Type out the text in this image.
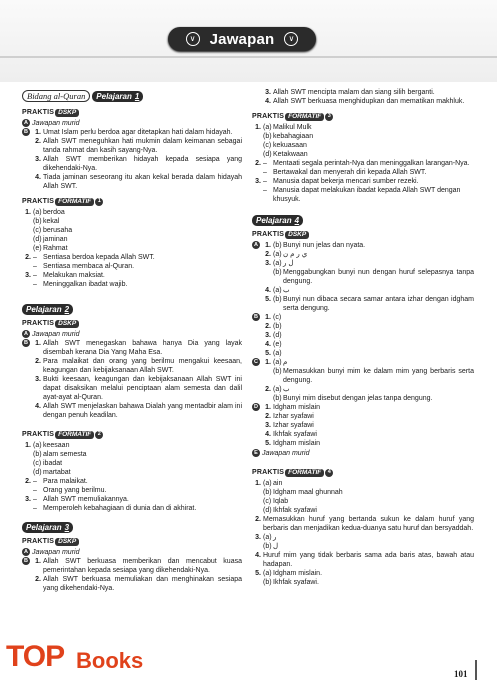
∨ Jawapan	∨
Bidang al-Quran	Pelajaran 1
PRAKTIS DSKP
A Jawapan murid
B	1. Umat Islam perlu berdoa agar ditetapkan hati dalam hidayah.
2. Allah SWT meneguhkan hati mukmin dalam keimanan sebagai tanda rahmat dan kasih sayang-Nya.
3. Allah SWT memberikan hidayah kepada sesiapa yang dikehendaki-Nya.
4. Tiada jaminan seseorang itu akan kekal berada dalam hidayah Allah SWT.
PRAKTIS FORMATIF	1
1. (a) berdoa
(b) kekal
(c) berusaha
(d) jaminan
(e) Rahmat
2. – Sentiasa berdoa kepada Allah SWT.
– Sentiasa membaca al-Quran.
3. – Melakukan maksiat.
– Meninggalkan ibadat wajib.
Pelajaran 2
PRAKTIS DSKP
A Jawapan murid
B	1. Allah SWT menegaskan bahawa hanya Dia yang layak disembah kerana Dia Yang Maha Esa.
2. Para malaikat dan orang yang berilmu mengakui keesaan, keagungan dan kebijaksanaan Allah SWT.
3. Bukti keesaan, keagungan dan kebijaksanaan Allah SWT ini dapat disaksikan melalui penciptaan alam semesta dan dalil ayat-ayat al-Quran.
4. Allah SWT menjelaskan bahawa Dialah yang mentadbir alam ini dengan penuh keadilan.
PRAKTIS FORMATIF	2
1. (a) keesaan
(b) alam semesta
(c) ibadat
(d) martabat
2. – Para malaikat.
– Orang yang berilmu.
3. – Allah SWT memuliakannya.
– Memperoleh kebahagiaan di dunia dan di akhirat.
Pelajaran 3
PRAKTIS DSKP
A Jawapan murid
B	1. Allah SWT berkuasa memberikan dan mencabut kuasa pemerintahan kepada sesiapa yang dikehendaki-Nya.
2. Allah SWT berkuasa memuliakan dan menghinakan sesiapa yang dikehendaki-Nya.
3. Allah SWT mencipta malam dan siang silih berganti.
4. Allah SWT berkuasa menghidupkan dan mematikan makhluk.
PRAKTIS FORMATIF	3
1. (a) Malikul Mulk
(b) kebahagiaan
(c) kekuasaan
(d) Ketakwaan
2. – Mentaati segala perintah-Nya dan meninggalkan larangan-Nya.
– Bertawakal dan menyerah diri kepada Allah SWT.
3. – Manusia dapat bekerja mencari sumber rezeki.
– Manusia dapat melakukan ibadat kepada Allah SWT dengan khusyuk.
Pelajaran 4
PRAKTIS DSKP
A	1. (b) Bunyi nun jelas dan nyata.
2. (a) ي ر م ن
3. (a) ل ر
(b) Menggabungkan bunyi nun dengan huruf selepasnya tanpa dengung.
4. (a) ب
5. (b) Bunyi nun dibaca secara samar antara izhar dengan idgham serta dengung.
B	1. (c)
2. (b)
3. (d)
4. (e)
5. (a)
C	1. (a) م
(b) Memasukkan bunyi mim ke dalam mim yang berbaris serta dengung.
2. (a) ب
(b) Bunyi mim disebut dengan jelas tanpa dengung.
D	1. Idgham mislain
2. Izhar syafawi
3. Izhar syafawi
4. Ikhfak syafawi
5. Idgham mislain
E Jawapan murid
PRAKTIS FORMATIF	4
1. (a) ain
(b) Idgham maal ghunnah
(c) Iqlab
(d) Ikhfak syafawi
2. Memasukkan huruf yang bertanda sukun ke dalam huruf yang berbaris dan menjadikan kedua-duanya satu huruf dan bersyaddah.
3. (a) ر
(b) ل
4. Huruf mim yang tidak berbaris sama ada baris atas, bawah atau hadapan.
5. (a) Idgham mislain.
(b) Ikhfak syafawi.
TOP Books
101
